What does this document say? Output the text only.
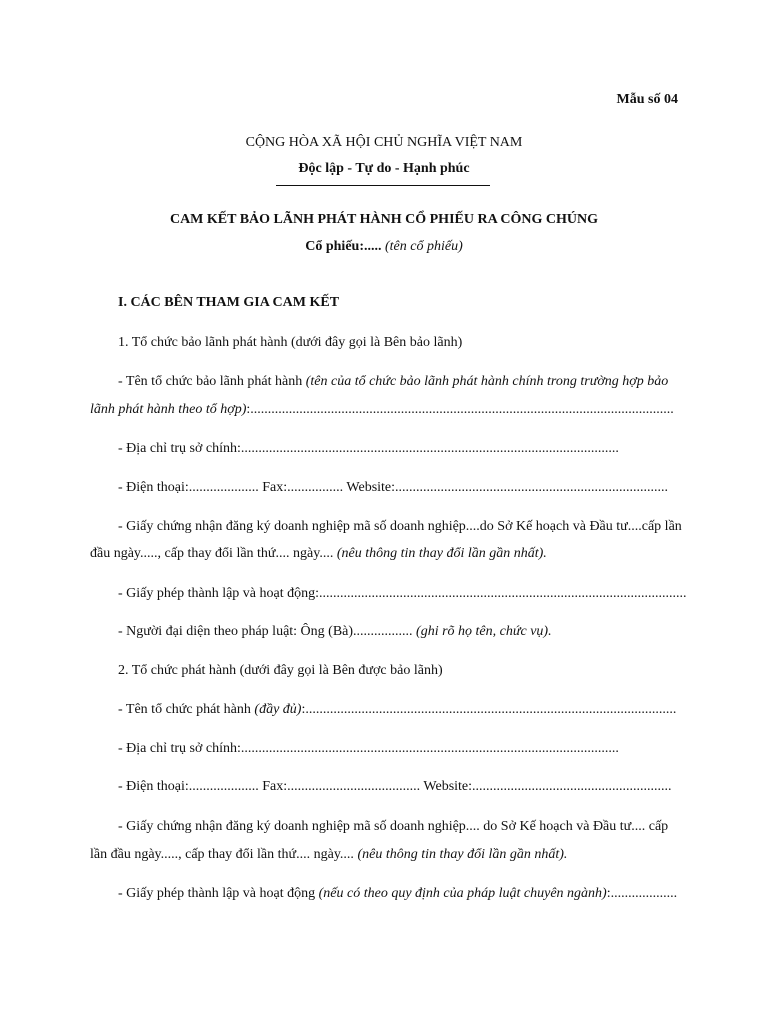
Mẫu số 04
CỘNG HÒA XÃ HỘI CHỦ NGHĨA VIỆT NAM
Độc lập - Tự do - Hạnh phúc
CAM KẾT BẢO LÃNH PHÁT HÀNH CỔ PHIẾU RA CÔNG CHÚNG
Cổ phiếu:..... (tên cổ phiếu)
I. CÁC BÊN THAM GIA CAM KẾT
1. Tổ chức bảo lãnh phát hành (dưới đây gọi là Bên bảo lãnh)
- Tên tổ chức bảo lãnh phát hành (tên của tổ chức bảo lãnh phát hành chính trong trường hợp bảo
lãnh phát hành theo tổ hợp):.........................................................................................................................
- Địa chỉ trụ sở chính:............................................................................................................
- Điện thoại:.................... Fax:................ Website:..............................................................................
- Giấy chứng nhận đăng ký doanh nghiệp mã số doanh nghiệp....do Sở Kế hoạch và Đầu tư....cấp lần
đầu ngày....., cấp thay đổi lần thứ.... ngày.... (nêu thông tin thay đổi lần gần nhất).
- Giấy phép thành lập và hoạt động:.........................................................................................................
- Người đại diện theo pháp luật: Ông (Bà)................. (ghi rõ họ tên, chức vụ).
2. Tổ chức phát hành (dưới đây gọi là Bên được bảo lãnh)
- Tên tổ chức phát hành (đầy đủ):..........................................................................................................
- Địa chỉ trụ sở chính:............................................................................................................
- Điện thoại:.................... Fax:...................................... Website:.........................................................
- Giấy chứng nhận đăng ký doanh nghiệp mã số doanh nghiệp.... do Sở Kế hoạch và Đầu tư.... cấp
lần đầu ngày....., cấp thay đổi lần thứ.... ngày.... (nêu thông tin thay đổi lần gần nhất).
- Giấy phép thành lập và hoạt động (nếu có theo quy định của pháp luật chuyên ngành):...................
